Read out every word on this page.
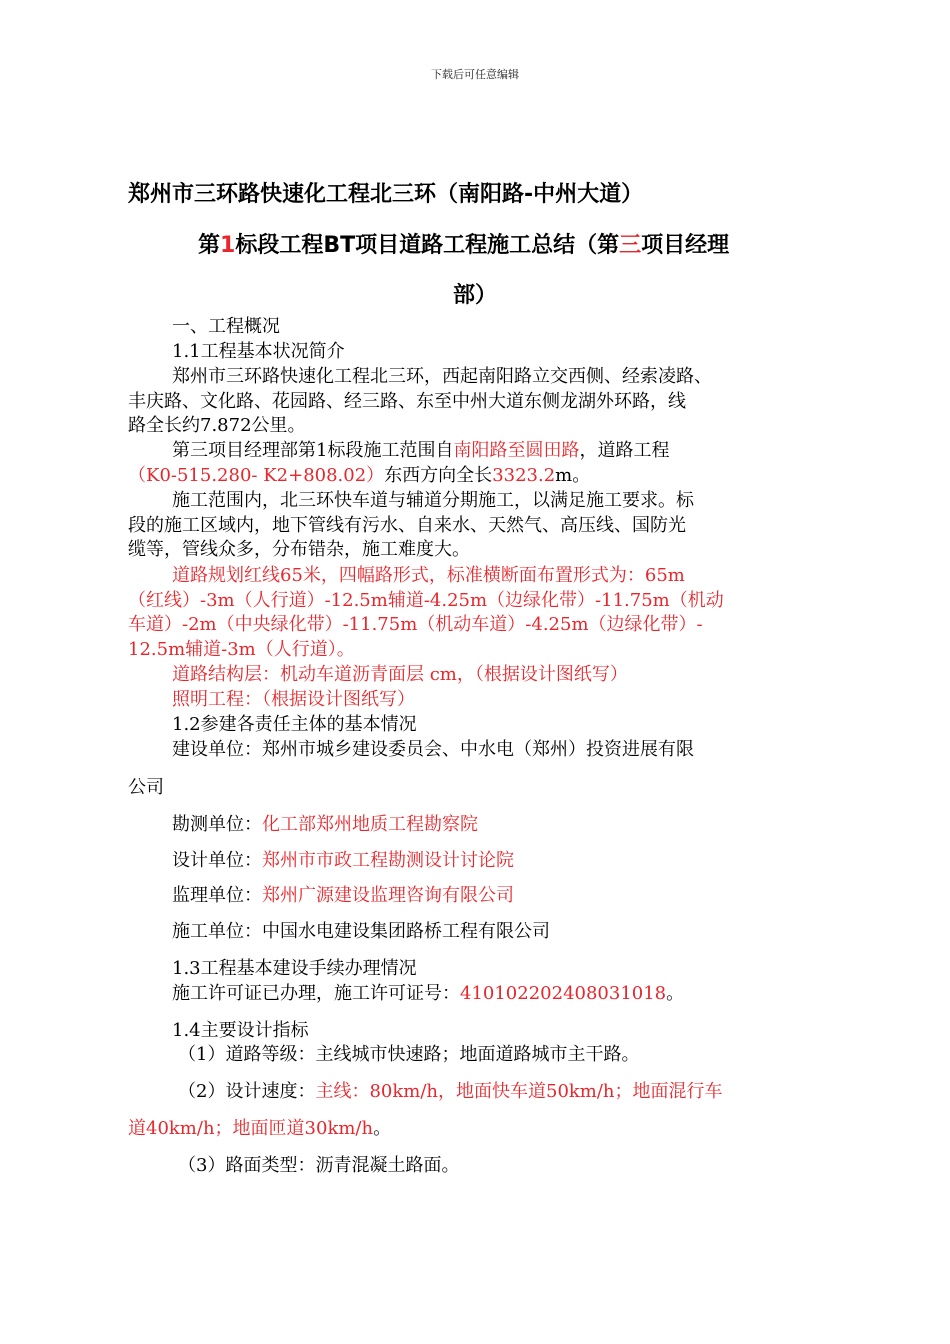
下载后可任意编辑
郑州市三环路快速化工程北三环（南阳路-中州大道）
第1标段工程BT项目道路工程施工总结（第三项目经理
部）
一、工程概况
1.1工程基本状况简介
郑州市三环路快速化工程北三环，西起南阳路立交西侧、经索凌路、
丰庆路、文化路、花园路、经三路、东至中州大道东侧龙湖外环路，线
路全长约7.872公里。
第三项目经理部第1标段施工范围自南阳路至圆田路，道路工程
（K0-515.280- K2+808.02）东西方向全长3323.2m。
施工范围内，北三环快车道与辅道分期施工，以满足施工要求。标
段的施工区域内，地下管线有污水、自来水、天然气、高压线、国防光
缆等，管线众多，分布错杂，施工难度大。
道路规划红线65米，四幅路形式，标准横断面布置形式为：65m
（红线）-3m（人行道）-12.5m辅道-4.25m（边绿化带）-11.75m（机动
车道）-2m（中央绿化带）-11.75m（机动车道）-4.25m（边绿化带）-
12.5m辅道-3m（人行道）。
道路结构层：机动车道沥青面层 cm，（根据设计图纸写）
照明工程：（根据设计图纸写）
1.2参建各责任主体的基本情况
建设单位：郑州市城乡建设委员会、中水电（郑州）投资进展有限
公司
勘测单位：化工部郑州地质工程勘察院
设计单位：郑州市市政工程勘测设计讨论院
监理单位：郑州广源建设监理咨询有限公司
施工单位：中国水电建设集团路桥工程有限公司
1.3工程基本建设手续办理情况
施工许可证已办理，施工许可证号：410102202408031018。
1.4主要设计指标
（1）道路等级：主线城市快速路；地面道路城市主干路。
（2）设计速度：主线：80km/h，地面快车道50km/h；地面混行车
道40km/h；地面匝道30km/h。
（3）路面类型：沥青混凝土路面。
